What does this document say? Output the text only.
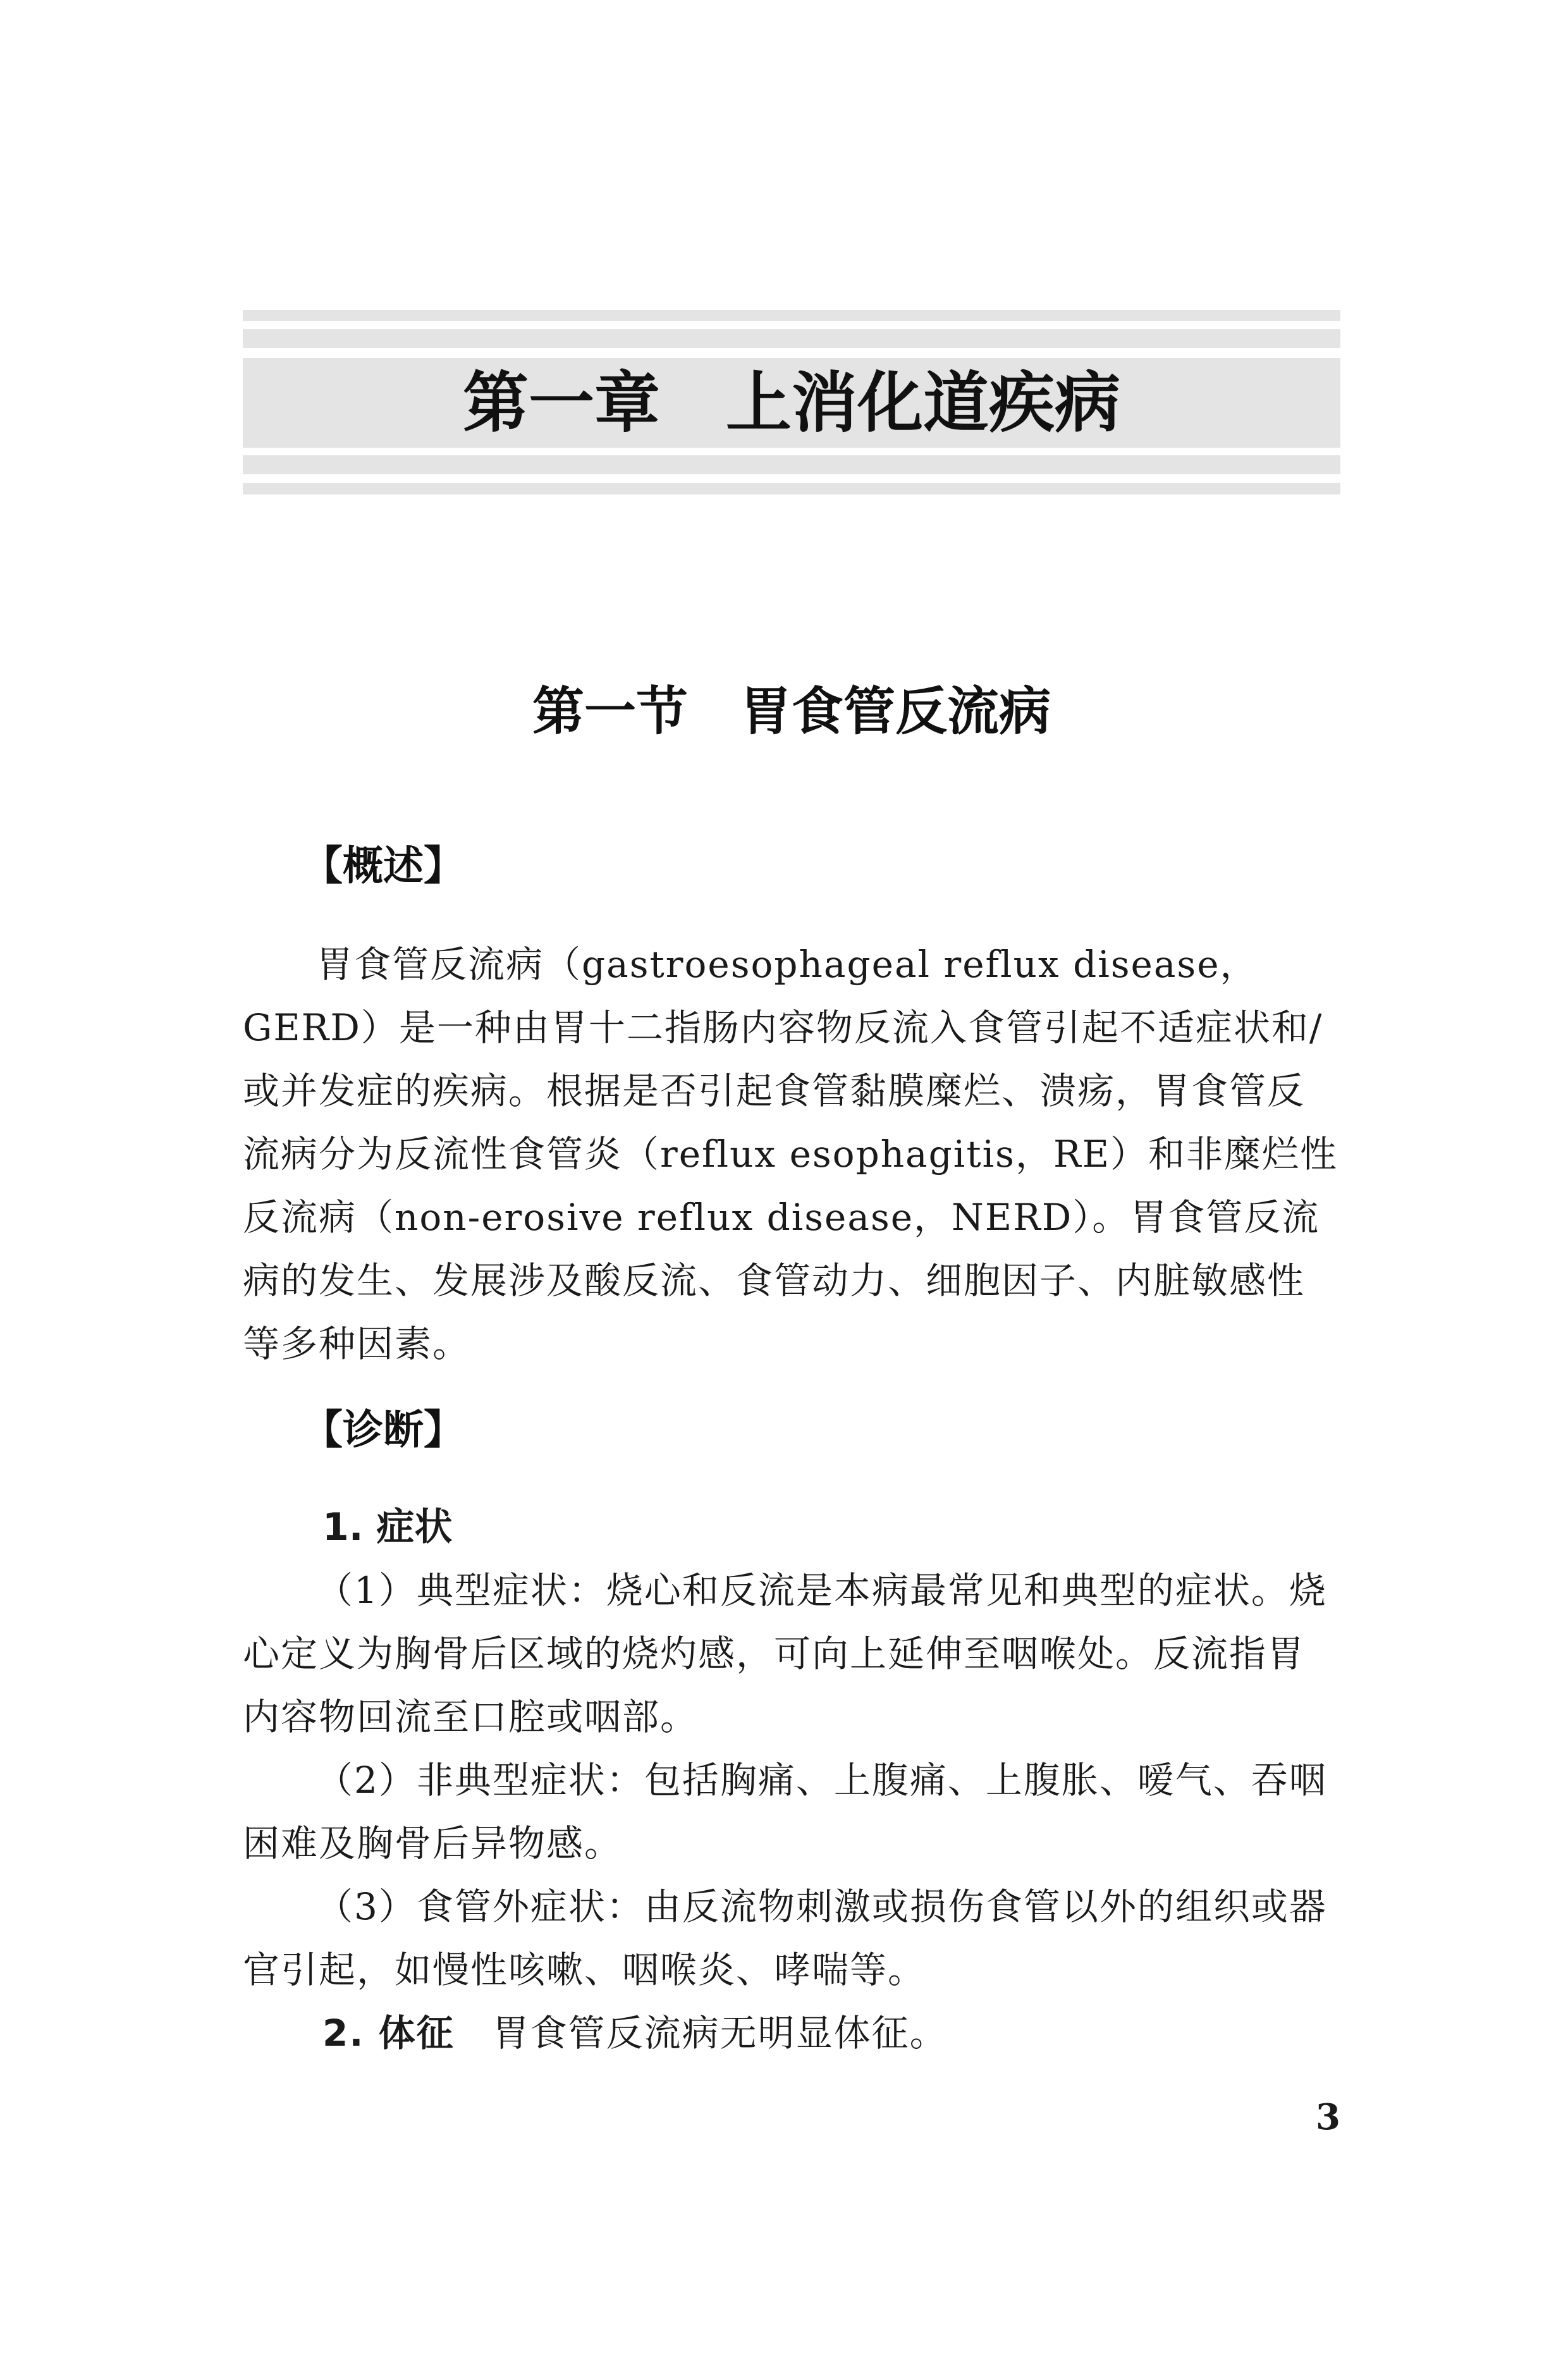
第一章　上消化道疾病
第一节　胃食管反流病
【概述】

胃食管反流病（gastroesophageal reflux disease，GERD）是一种由胃十二指肠内容物反流入食管引起不适症状和/或并发症的疾病。根据是否引起食管黏膜糜烂、溃疡，胃食管反流病分为反流性食管炎（reflux esophagitis，RE）和非糜烂性反流病（non-erosive reflux disease，NERD）。胃食管反流病的发生、发展涉及酸反流、食管动力、细胞因子、内脏敏感性等多种因素。

【诊断】
1. 症状

（1）典型症状：烧心和反流是本病最常见和典型的症状。烧心定义为胸骨后区域的烧灼感，可向上延伸至咽喉处。反流指胃内容物回流至口腔或咽部。

（2）非典型症状：包括胸痛、上腹痛、上腹胀、嗳气、吞咽困难及胸骨后异物感。

（3）食管外症状：由反流物刺激或损伤食管以外的组织或器官引起，如慢性咳嗽、咽喉炎、哮喘等。

2. 体征　 胃食管反流病无明显体征。
3
